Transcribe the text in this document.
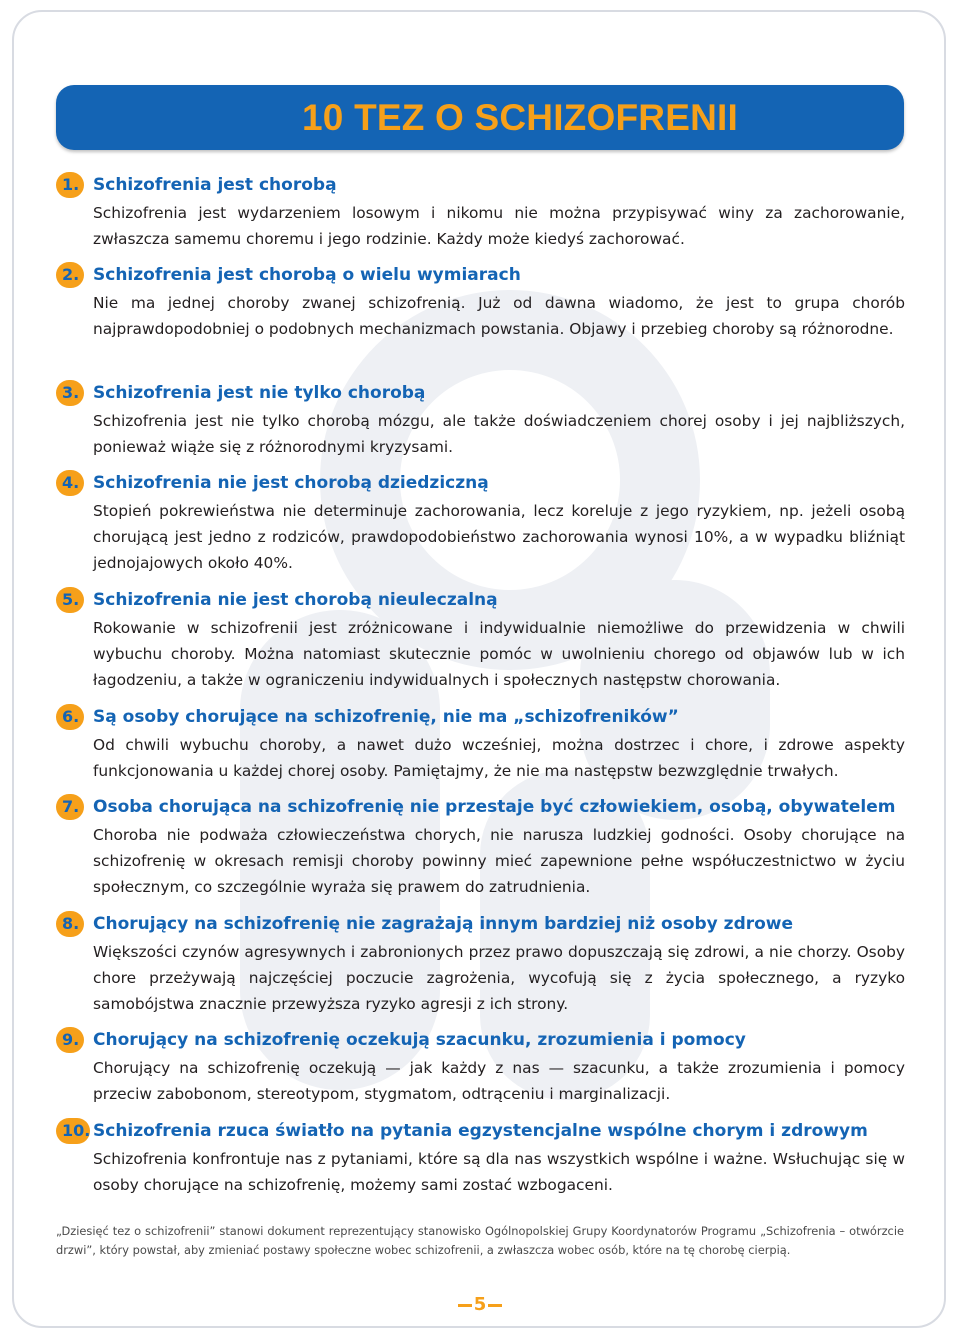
10 TEZ O SCHIZOFRENII
1. Schizofrenia jest chorobą
Schizofrenia jest wydarzeniem losowym i nikomu nie można przypisywać winy za zachorowanie, zwłaszcza samemu choremu i jego rodzinie. Każdy może kiedyś zachorować.
2. Schizofrenia jest chorobą o wielu wymiarach
Nie ma jednej choroby zwanej schizofrenią. Już od dawna wiadomo, że jest to grupa chorób najprawdopodobniej o podobnych mechanizmach powstania. Objawy i przebieg choroby są różnorodne.
3. Schizofrenia jest nie tylko chorobą
Schizofrenia jest nie tylko chorobą mózgu, ale także doświadczeniem chorej osoby i jej najbliższych, ponieważ wiąże się z różnorodnymi kryzysami.
4. Schizofrenia nie jest chorobą dziedziczną
Stopień pokrewieństwa nie determinuje zachorowania, lecz koreluje z jego ryzykiem, np. jeżeli osobą chorującą jest jedno z rodziców, prawdopodobieństwo zachorowania wynosi 10%, a w wypadku bliźniąt jednojajowych około 40%.
5. Schizofrenia nie jest chorobą nieuleczalną
Rokowanie w schizofrenii jest zróżnicowane i indywidualnie niemożliwe do przewidzenia w chwili wybuchu choroby. Można natomiast skutecznie pomóc w uwolnieniu chorego od objawów lub w ich łagodzeniu, a także w ograniczeniu indywidualnych i społecznych następstw chorowania.
6. Są osoby chorujące na schizofrenię, nie ma „schizofreników”
Od chwili wybuchu choroby, a nawet dużo wcześniej, można dostrzec i chore, i zdrowe aspekty funkcjonowania u każdej chorej osoby. Pamiętajmy, że nie ma następstw bezwzględnie trwałych.
7. Osoba chorująca na schizofrenię nie przestaje być człowiekiem, osobą, obywatelem
Choroba nie podważa człowieczeństwa chorych, nie narusza ludzkiej godności. Osoby chorujące na schizofrenię w okresach remisji choroby powinny mieć zapewnione pełne współuczestnictwo w życiu społecznym, co szczególnie wyraża się prawem do zatrudnienia.
8. Chorujący na schizofrenię nie zagrażają innym bardziej niż osoby zdrowe
Większości czynów agresywnych i zabronionych przez prawo dopuszczają się zdrowi, a nie chorzy. Osoby chore przeżywają najczęściej poczucie zagrożenia, wycofują się z życia społecznego, a ryzyko samobójstwa znacznie przewyższa ryzyko agresji z ich strony.
9. Chorujący na schizofrenię oczekują szacunku, zrozumienia i pomocy
Chorujący na schizofrenię oczekują — jak każdy z nas — szacunku, a także zrozumienia i pomocy przeciw zabobonom, stereotypom, stygmatom, odtrąceniu i marginalizacji.
10. Schizofrenia rzuca światło na pytania egzystencjalne wspólne chorym i zdrowym
Schizofrenia konfrontuje nas z pytaniami, które są dla nas wszystkich wspólne i ważne. Wsłuchując się w osoby chorujące na schizofrenię, możemy sami zostać wzbogaceni.
„Dziesięć tez o schizofrenii” stanowi dokument reprezentujący stanowisko Ogólnopolskiej Grupy Koordynatorów Programu „Schizofrenia – otwórzcie drzwi”, który powstał, aby zmieniać postawy społeczne wobec schizofrenii, a zwłaszcza wobec osób, które na tę chorobę cierpią.
5
